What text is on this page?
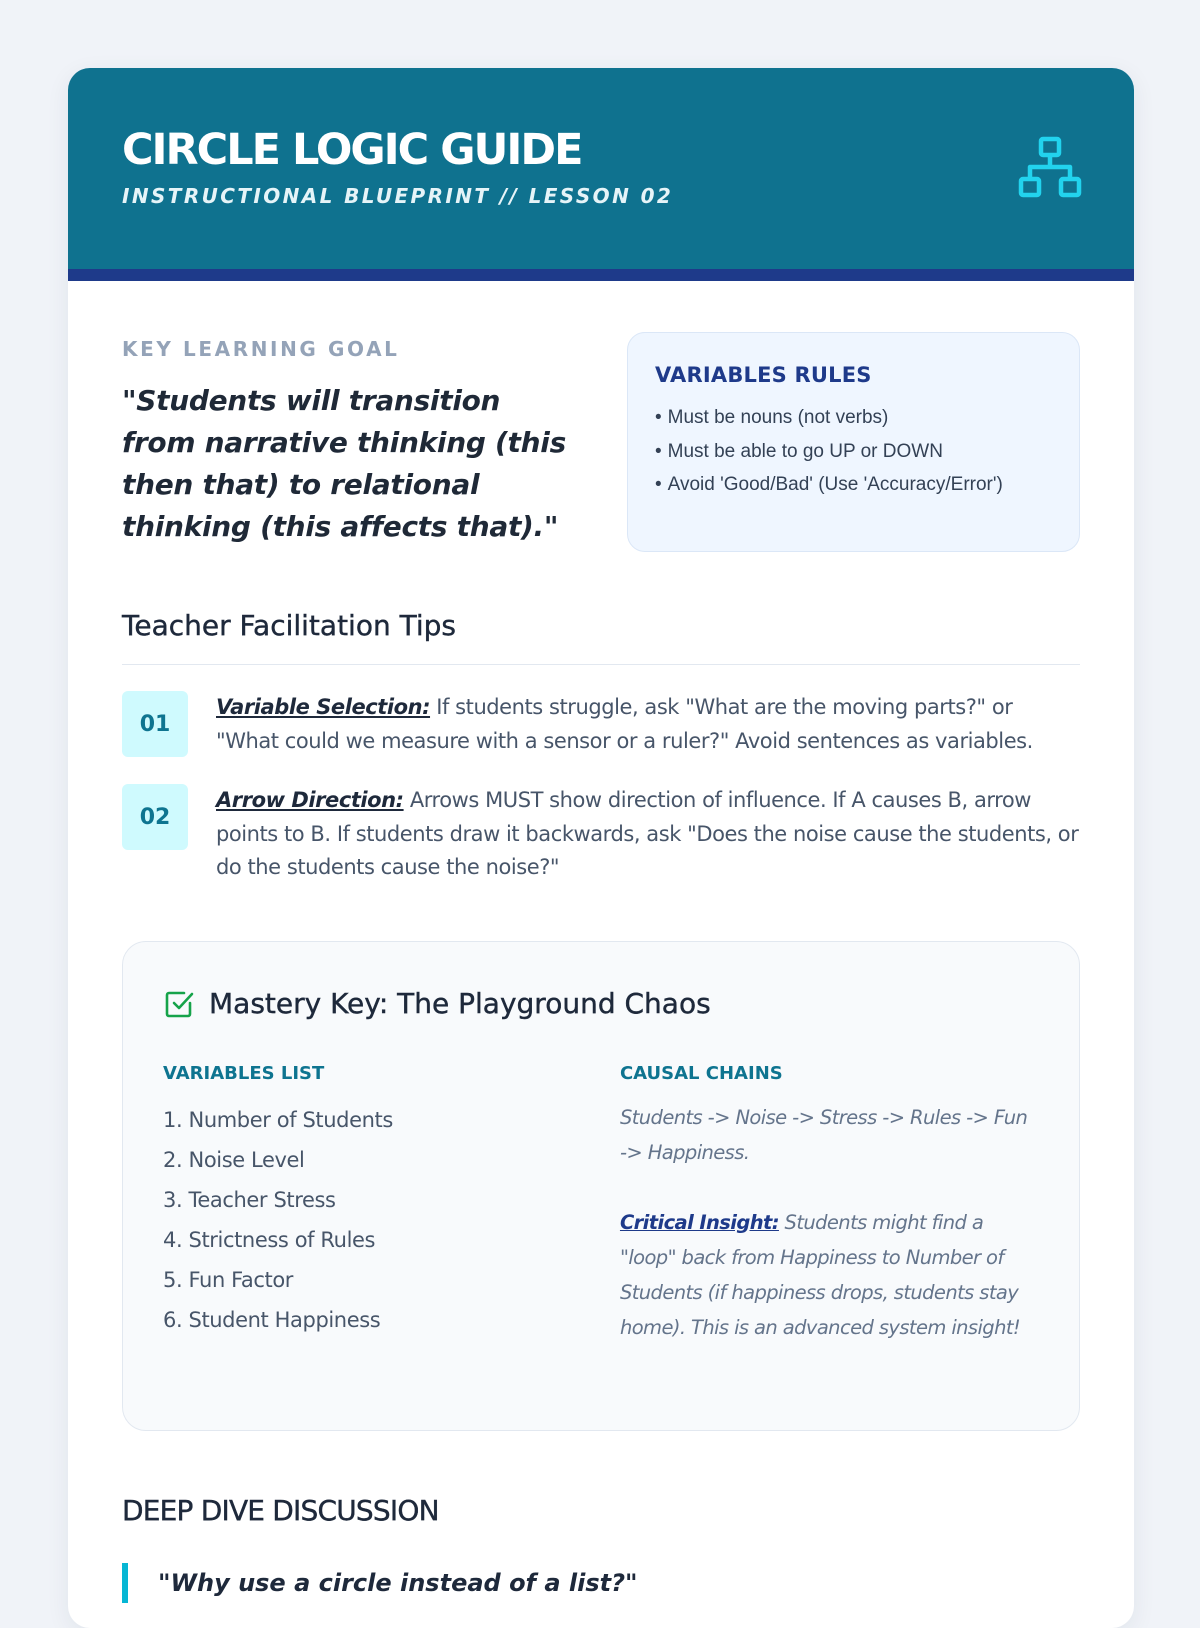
CIRCLE LOGIC GUIDE
INSTRUCTIONAL BLUEPRINT // LESSON 02
KEY LEARNING GOAL
"Students will transition from narrative thinking (this then that) to relational thinking (this affects that)."
VARIABLES RULES
• Must be nouns (not verbs)
• Must be able to go UP or DOWN
• Avoid 'Good/Bad' (Use 'Accuracy/Error')
Teacher Facilitation Tips
01
Variable Selection: If students struggle, ask "What are the moving parts?" or "What could we measure with a sensor or a ruler?" Avoid sentences as variables.
02
Arrow Direction: Arrows MUST show direction of influence. If A causes B, arrow points to B. If students draw it backwards, ask "Does the noise cause the students, or do the students cause the noise?"
Mastery Key: The Playground Chaos
VARIABLES LIST
1. Number of Students
2. Noise Level
3. Teacher Stress
4. Strictness of Rules
5. Fun Factor
6. Student Happiness
CAUSAL CHAINS
Students -> Noise -> Stress -> Rules -> Fun -> Happiness.
Critical Insight: Students might find a "loop" back from Happiness to Number of Students (if happiness drops, students stay home). This is an advanced system insight!
DEEP DIVE DISCUSSION
"Why use a circle instead of a list?"
